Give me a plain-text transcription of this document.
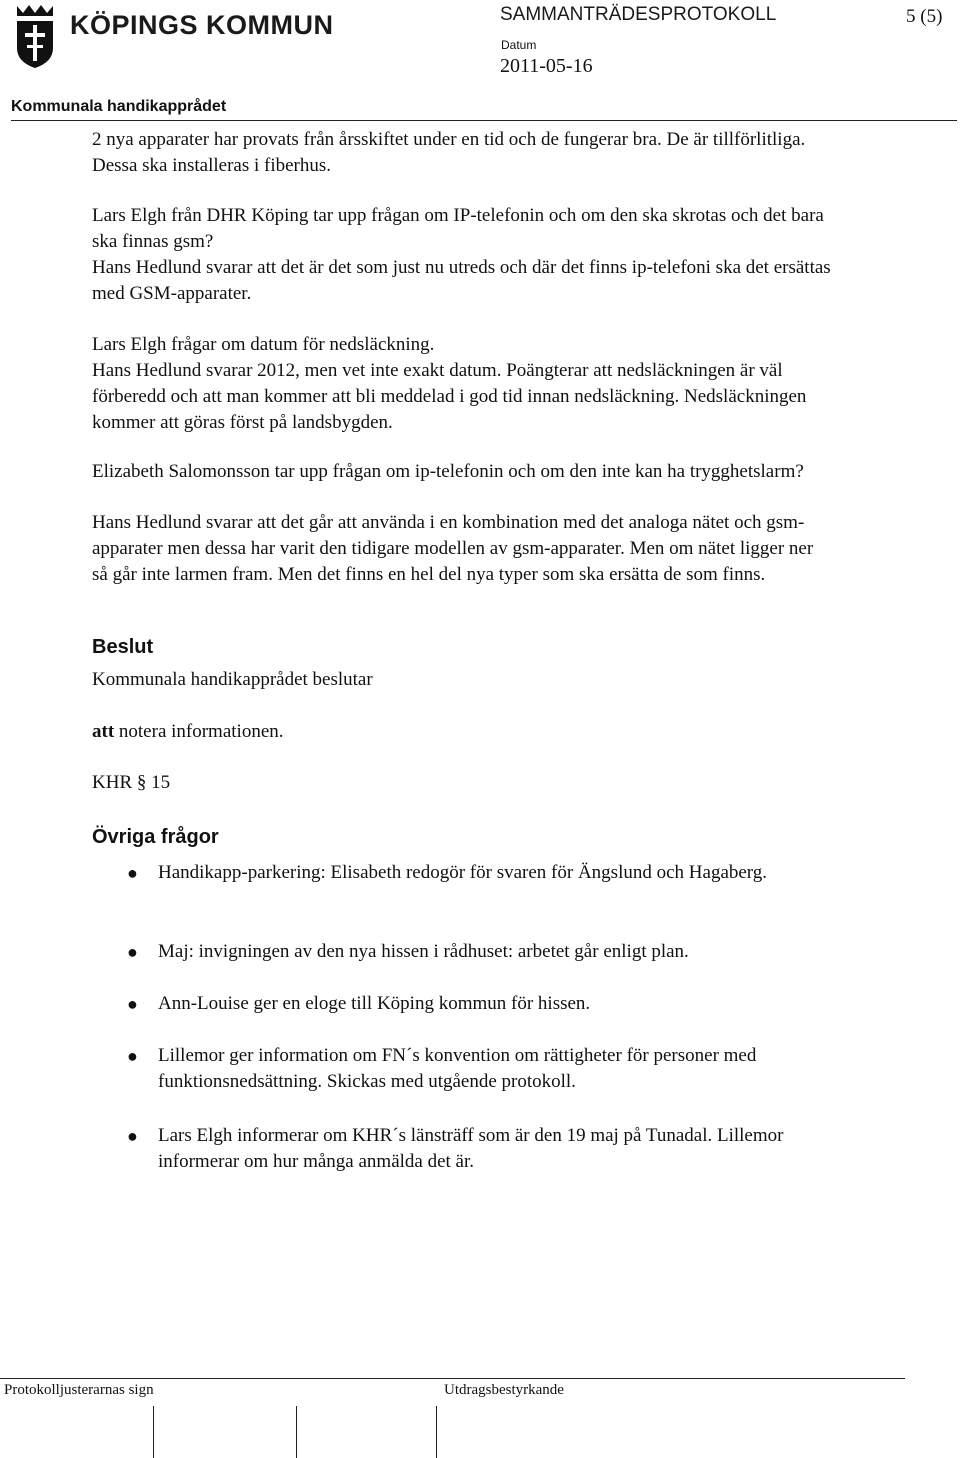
KÖPINGS KOMMUN	SAMMANTRÄDESPROTOKOLL	5 (5)
Datum
2011-05-16
Kommunala handikapprådet

2 nya apparater har provats från årsskiftet under en tid och de fungerar bra. De är tillförlitliga. Dessa ska installeras i fiberhus.

Lars Elgh från DHR Köping tar upp frågan om IP-telefonin och om den ska skrotas och det bara ska finnas gsm?

Hans Hedlund svarar att det är det som just nu utreds och där det finns ip-telefoni ska det ersättas med GSM-apparater.

Lars Elgh frågar om datum för nedsläckning.

Hans Hedlund svarar 2012, men vet inte exakt datum. Poängterar att nedsläckningen är väl förberedd och att man kommer att bli meddelad i god tid innan nedsläckning. Nedsläckningen kommer att göras först på landsbygden.

Elizabeth Salomonsson tar upp frågan om ip-telefonin och om den inte kan ha trygghetslarm?

Hans Hedlund svarar att det går att använda i en kombination med det analoga nätet och gsm-apparater men dessa har varit den tidigare modellen av gsm-apparater. Men om nätet ligger ner så går inte larmen fram. Men det finns en hel del nya typer som ska ersätta de som finns.

Beslut

Kommunala handikapprådet beslutar

att notera informationen.

KHR § 15

Övriga frågor
● Handikapp-parkering: Elisabeth redogör för svaren för Ängslund och Hagaberg.

● Maj: invigningen av den nya hissen i rådhuset: arbetet går enligt plan.

● Ann-Louise ger en eloge till Köping kommun för hissen.

● Lillemor ger information om FN´s konvention om rättigheter för personer med funktionsnedsättning. Skickas med utgående protokoll.

● Lars Elgh informerar om KHR´s länsträff som är den 19 maj på Tunadal. Lillemor informerar om hur många anmälda det är.

Protokolljusterarnas sign	Utdragsbestyrkande
